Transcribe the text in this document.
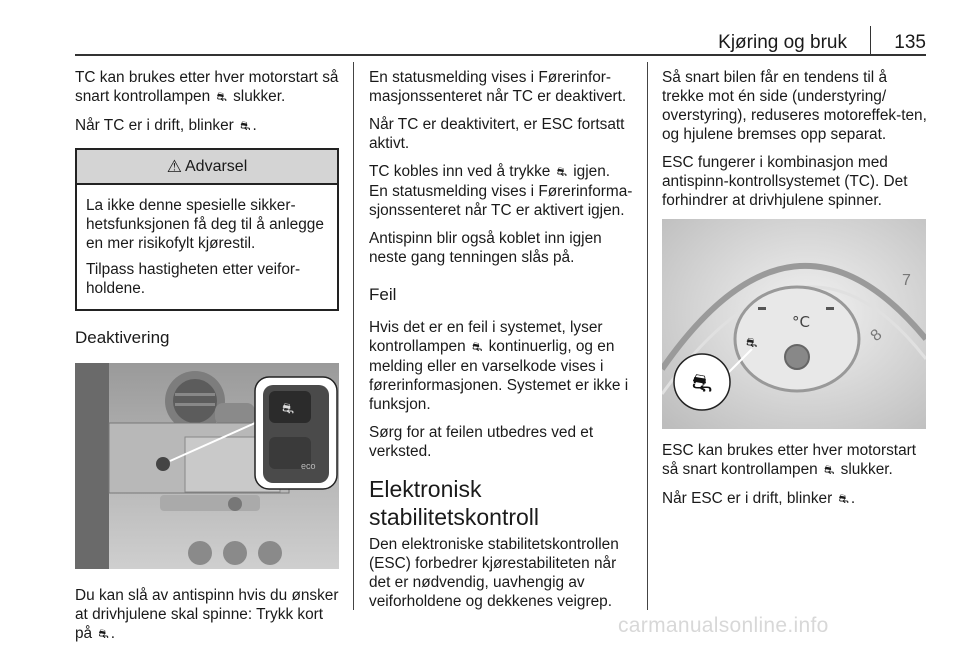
Kjøring og bruk 135

TC kan brukes etter hver motorstart så snart kontrollampen ⛐ slukker.

Når TC er i drift, blinker ⛐ .

⚠ Advarsel

La ikke denne spesielle sikker-hetsfunksjonen få deg til å anlegge en mer risikofylt kjørestil.

Tilpass hastigheten etter veifor-holdene.

Deaktivering
⛐
eco

Du kan slå av antispinn hvis du ønsker at drivhjulene skal spinne: Trykk kort på ⛐ .

En statusmelding vises i Førerinfor-masjonssenteret når TC er deaktivert.

Når TC er deaktivitert, er ESC fortsatt aktivt.

TC kobles inn ved å trykke ⛐ igjen. En statusmelding vises i Førerinforma-sjonssenteret når TC er aktivert igjen.

Antispinn blir også koblet inn igjen neste gang tenningen slås på.

Feil

Hvis det er en feil i systemet, lyser kontrollampen ⛐ kontinuerlig, og en melding eller en varselkode vises i førerinformasjonen. Systemet er ikke i funksjon.

Sørg for at feilen utbedres ved et verksted.

Elektronisk stabilitetskontroll

Den elektroniske stabilitetskontrollen (ESC) forbedrer kjørestabiliteten når det er nødvendig, uavhengig av veiforholdene og dekkenes veigrep.

Så snart bilen får en tendens til å trekke mot én side (understyring/ overstyring), reduseres motoreffek-ten, og hjulene bremses opp separat.

ESC fungerer i kombinasjon med antispinn-kontrollsystemet (TC). Det forhindrer at drivhjulene spinner.

7
8
°C
⛐
⛐

ESC kan brukes etter hver motorstart så snart kontrollampen ⛐ slukker.

Når ESC er i drift, blinker ⛐ .

carmanualsonline.info
